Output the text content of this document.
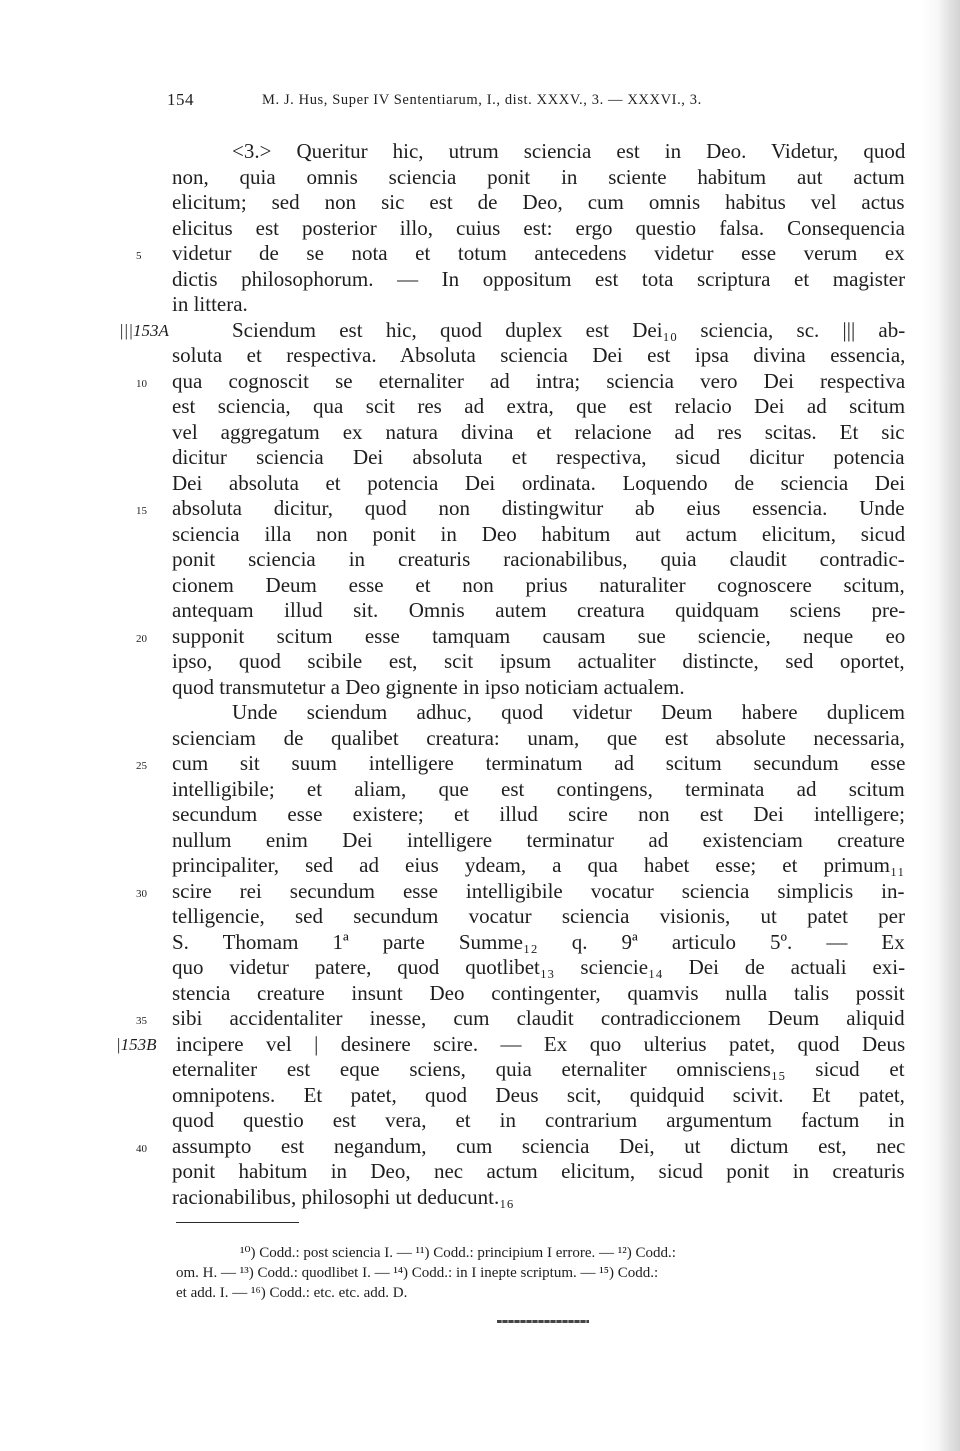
154	M. J. Hus, Super IV Sententiarum, I., dist. XXXV., 3. — XXXVI., 3.
<3.> Queritur hic, utrum sciencia est in Deo. Videtur, quod
non, quia omnis sciencia ponit in sciente habitum aut actum
elicitum; sed non sic est de Deo, cum omnis habitus vel actus
elicitus est posterior illo, cuius est: ergo questio falsa. Consequencia
5	videtur de se nota et totum antecedens videtur esse verum ex
dictis philosophorum. — In oppositum est tota scriptura et magister
in littera.
|||153A	Sciendum est hic, quod duplex est Dei₁₀ sciencia, sc. ||| ab-
soluta et respectiva. Absoluta sciencia Dei est ipsa divina essencia,
10	qua cognoscit se eternaliter ad intra; sciencia vero Dei respectiva
est sciencia, qua scit res ad extra, que est relacio Dei ad scitum
vel aggregatum ex natura divina et relacione ad res scitas. Et sic
dicitur sciencia Dei absoluta et respectiva, sicud dicitur potencia
Dei absoluta et potencia Dei ordinata. Loquendo de sciencia Dei
15	absoluta dicitur, quod non distingwitur ab eius essencia. Unde
sciencia illa non ponit in Deo habitum aut actum elicitum, sicud
ponit sciencia in creaturis racionabilibus, quia claudit contradic-
cionem Deum esse et non prius naturaliter cognoscere scitum,
antequam illud sit. Omnis autem creatura quidquam sciens pre-
20	supponit scitum esse tamquam causam sue sciencie, neque eo
ipso, quod scibile est, scit ipsum actualiter distincte, sed oportet,
quod transmutetur a Deo gignente in ipso noticiam actualem.
Unde sciendum adhuc, quod videtur Deum habere duplicem
scienciam de qualibet creatura: unam, que est absolute necessaria,
25	cum sit suum intelligere terminatum ad scitum secundum esse
intelligibile; et aliam, que est contingens, terminata ad scitum
secundum esse existere; et illud scire non est Dei intelligere;
nullum enim Dei intelligere terminatur ad existenciam creature
principaliter, sed ad eius ydeam, a qua habet esse; et primum₁₁
30	scire rei secundum esse intelligibile vocatur sciencia simplicis in-
telligencie, sed secundum vocatur sciencia visionis, ut patet per
S. Thomam 1ª parte Summe₁₂ q. 9ª articulo 5º. — Ex
quo videtur patere, quod quotlibet₁₃ sciencie₁₄ Dei de actuali exi-
stencia creature insunt Deo contingenter, quamvis nulla talis possit
35	sibi accidentaliter inesse, cum claudit contradiccionem Deum aliquid
|153B incipere vel | desinere scire. — Ex quo ulterius patet, quod Deus
eternaliter est eque sciens, quia eternaliter omnisciens₁₅ sicud et
omnipotens. Et patet, quod Deus scit, quidquid scivit. Et patet,
quod questio est vera, et in contrarium argumentum factum in
40	assumpto est negandum, cum sciencia Dei, ut dictum est, nec
ponit habitum in Deo, nec actum elicitum, sicud ponit in creaturis
racionabilibus, philosophi ut deducunt.₁₆
¹⁰) Codd.: post sciencia I. — ¹¹) Codd.: principium I errore. — ¹²) Codd.:
om. H. — ¹³) Codd.: quodlibet I. — ¹⁴) Codd.: in I inepte scriptum. — ¹⁵) Codd.:
et add. I. — ¹⁶) Codd.: etc. etc. add. D.
